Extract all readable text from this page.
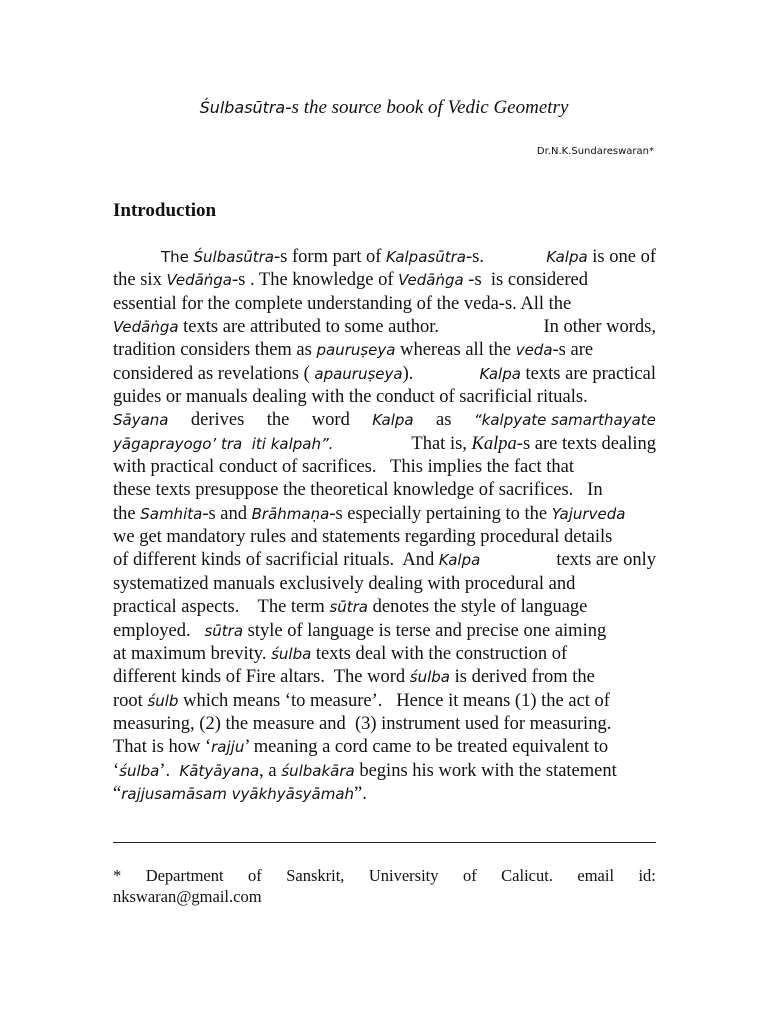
Śulbasūtra-s the source book of Vedic Geometry
Dr.N.K.Sundareswaran*
Introduction
The Śulbasūtra-s form part of Kalpasūtra-s.	Kalpa is one of
the six Vedāṅga-s . The knowledge of Vedāṅga -s  is considered
essential for the complete understanding of the veda-s. All the
Vedāṅga texts are attributed to some author.	In other words,
tradition considers them as pauruṣeya whereas all the veda-s are
considered as revelations ( apauruṣeya).	Kalpa texts are practical
guides or manuals dealing with the conduct of sacrificial rituals.
Sāyana derives the word Kalpa as “kalpyate samarthayate
yāgaprayogo’ tra  iti kalpah”.	That is, Kalpa-s are texts dealing
with practical conduct of sacrifices.   This implies the fact that
these texts presuppose the theoretical knowledge of sacrifices.   In
the Samhita-s and Brāhmaṇa-s especially pertaining to the Yajurveda
we get mandatory rules and statements regarding procedural details
of different kinds of sacrificial rituals.  And Kalpa	texts are only
systematized manuals exclusively dealing with procedural and
practical aspects.    The term sūtra denotes the style of language
employed. sūtra style of language is terse and precise one aiming
at maximum brevity. śulba texts deal with the construction of
different kinds of Fire altars.  The word śulba is derived from the
root śulb which means ‘to measure’.   Hence it means (1) the act of
measuring, (2) the measure and  (3) instrument used for measuring.
That is how ‘rajju’ meaning a cord came to be treated equivalent to
‘śulba’. Kātyāyana, a śulbakāra begins his work with the statement
“rajjusamāsam vyākhyāsyāmah”.
* Department of Sanskrit, University of Calicut. email id:
nkswaran@gmail.com
